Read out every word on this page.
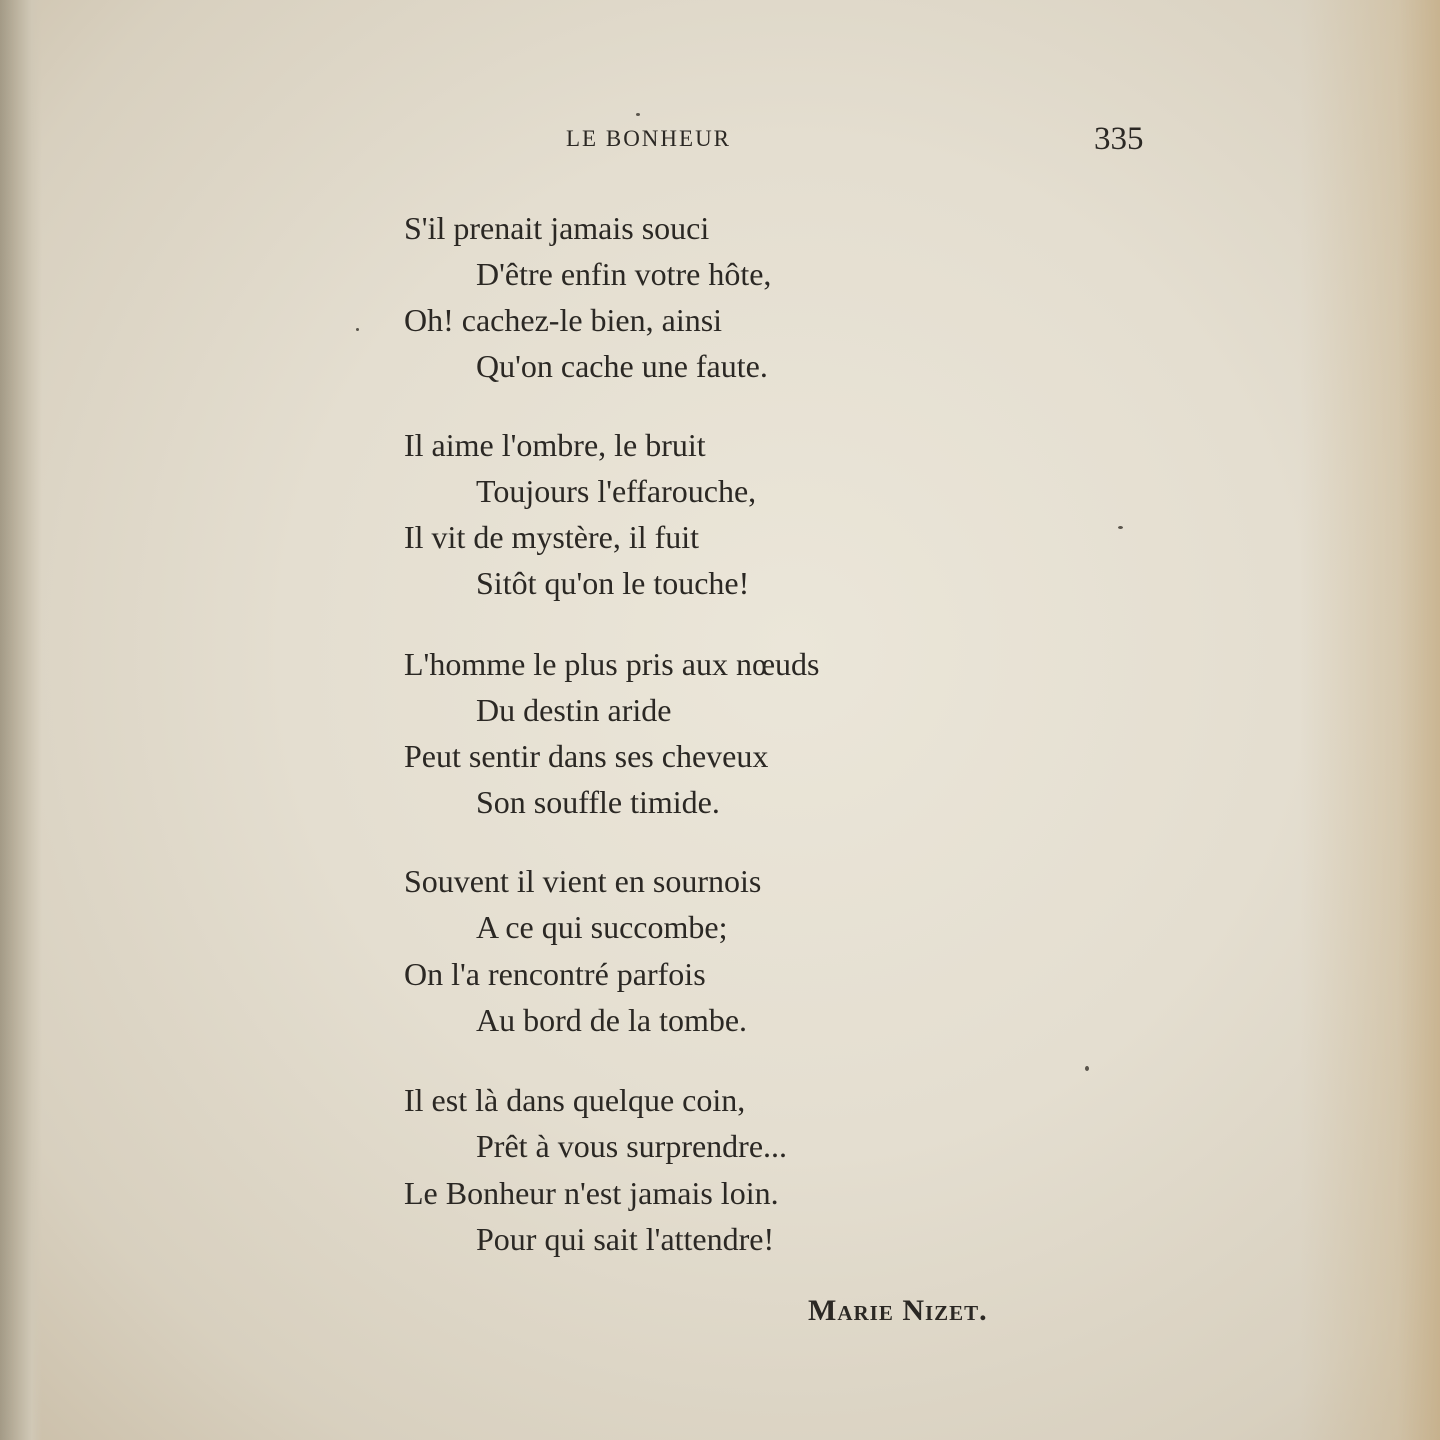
LE BONHEUR	335
S'il prenait jamais souci
D'être enfin votre hôte,
Oh! cachez-le bien, ainsi
Qu'on cache une faute.
Il aime l'ombre, le bruit
Toujours l'effarouche,
Il vit de mystère, il fuit
Sitôt qu'on le touche!
L'homme le plus pris aux nœuds
Du destin aride
Peut sentir dans ses cheveux
Son souffle timide.
Souvent il vient en sournois
A ce qui succombe;
On l'a rencontré parfois
Au bord de la tombe.
Il est là dans quelque coin,
Prêt à vous surprendre...
Le Bonheur n'est jamais loin.
Pour qui sait l'attendre!
Marie Nizet.
